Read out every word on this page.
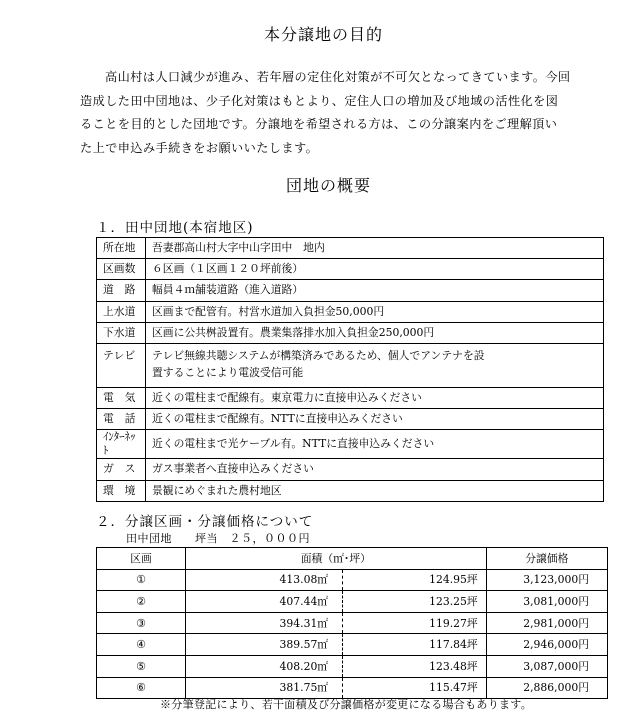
本分譲地の目的
高山村は人口減少が進み、若年層の定住化対策が不可欠となってきています。今回
造成した田中団地は、少子化対策はもとより、定住人口の増加及び地域の活性化を図
ることを目的とした団地です。分譲地を希望される方は、この分譲案内をご理解頂い
た上で申込み手続きをお願いいたします。
団地の概要
１．田中団地(本宿地区)
所在地	吾妻郡高山村大字中山字田中　地内
区画数	６区画（１区画１２０坪前後）
道　路	幅員４ｍ舗装道路（進入道路）
上水道	区画まで配管有。村営水道加入負担金50,000円
下水道	区画に公共桝設置有。農業集落排水加入負担金250,000円
テレビ	テレビ無線共聴システムが構築済みであるため、個人でアンテナを設
置することにより電波受信可能

電　気	近くの電柱まで配線有。東京電力に直接申込みください
電　話	近くの電柱まで配線有。NTTに直接申込みください
ｲﾝﾀｰﾈｯﾄ	近くの電柱まで光ケーブル有。NTTに直接申込みください
ガ　ス	ガス事業者へ直接申込みください
環　境	景観にめぐまれた農村地区
２．分譲区画・分譲価格について
田中団地　　坪当　２５，０００円
区画	面積（㎡･坪）		分譲価格
①	413.08㎡	124.95坪	3,123,000円
②	407.44㎡	123.25坪	3,081,000円
③	394.31㎡	119.27坪	2,981,000円
④	389.57㎡	117.84坪	2,946,000円
⑤	408.20㎡	123.48坪	3,087,000円
⑥	381.75㎡	115.47坪	2,886,000円
※分筆登記により、若干面積及び分譲価格が変更になる場合もあります。
